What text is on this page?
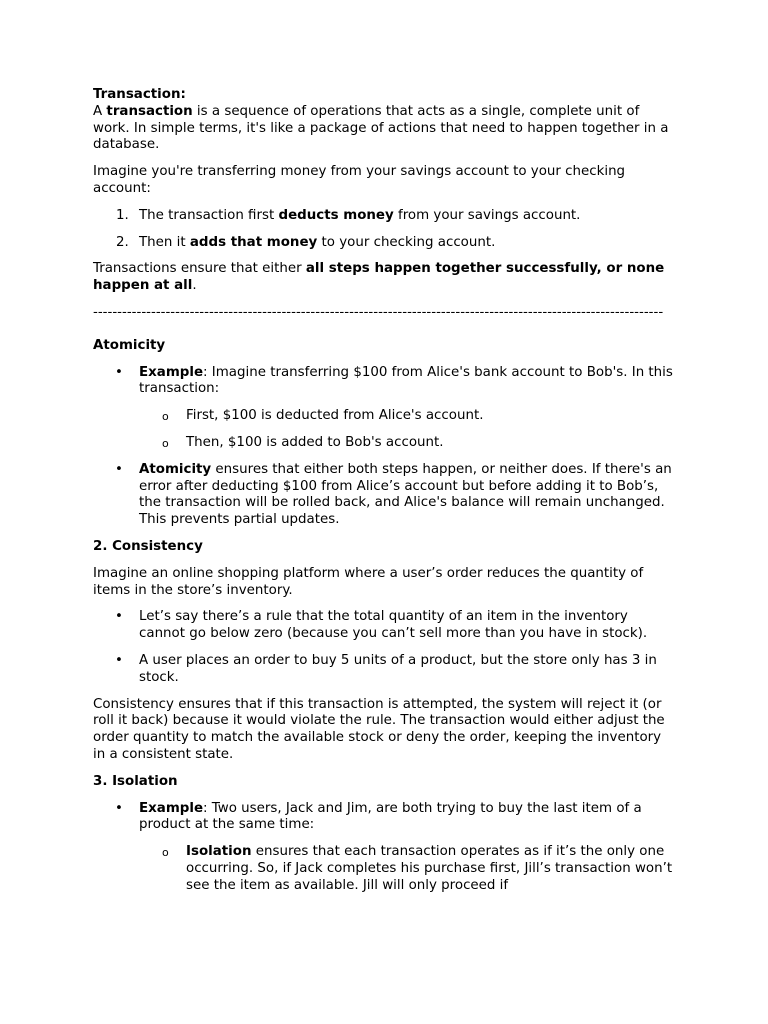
Transaction:

A transaction is a sequence of operations that acts as a single, complete unit of work. In simple terms, it's like a package of actions that need to happen together in a database.

Imagine you're transferring money from your savings account to your checking account:

1. The transaction first deducts money from your savings account.
2. Then it adds that money to your checking account.

Transactions ensure that either all steps happen together successfully, or none happen at all.

----------------------------------------------------------------------------------------------------------------------

Atomicity

• Example: Imagine transferring $100 from Alice's bank account to Bob's. In this transaction:
o First, $100 is deducted from Alice's account.
o Then, $100 is added to Bob's account.
• Atomicity ensures that either both steps happen, or neither does. If there's an error after deducting $100 from Alice’s account but before adding it to Bob’s, the transaction will be rolled back, and Alice's balance will remain unchanged. This prevents partial updates.

2. Consistency

Imagine an online shopping platform where a user’s order reduces the quantity of items in the store’s inventory.

• Let’s say there’s a rule that the total quantity of an item in the inventory cannot go below zero (because you can’t sell more than you have in stock).
• A user places an order to buy 5 units of a product, but the store only has 3 in stock.

Consistency ensures that if this transaction is attempted, the system will reject it (or roll it back) because it would violate the rule. The transaction would either adjust the order quantity to match the available stock or deny the order, keeping the inventory in a consistent state.

3. Isolation

• Example: Two users, Jack and Jim, are both trying to buy the last item of a product at the same time:
o Isolation ensures that each transaction operates as if it’s the only one occurring. So, if Jack completes his purchase first, Jill’s transaction won’t see the item as available. Jill will only proceed if
